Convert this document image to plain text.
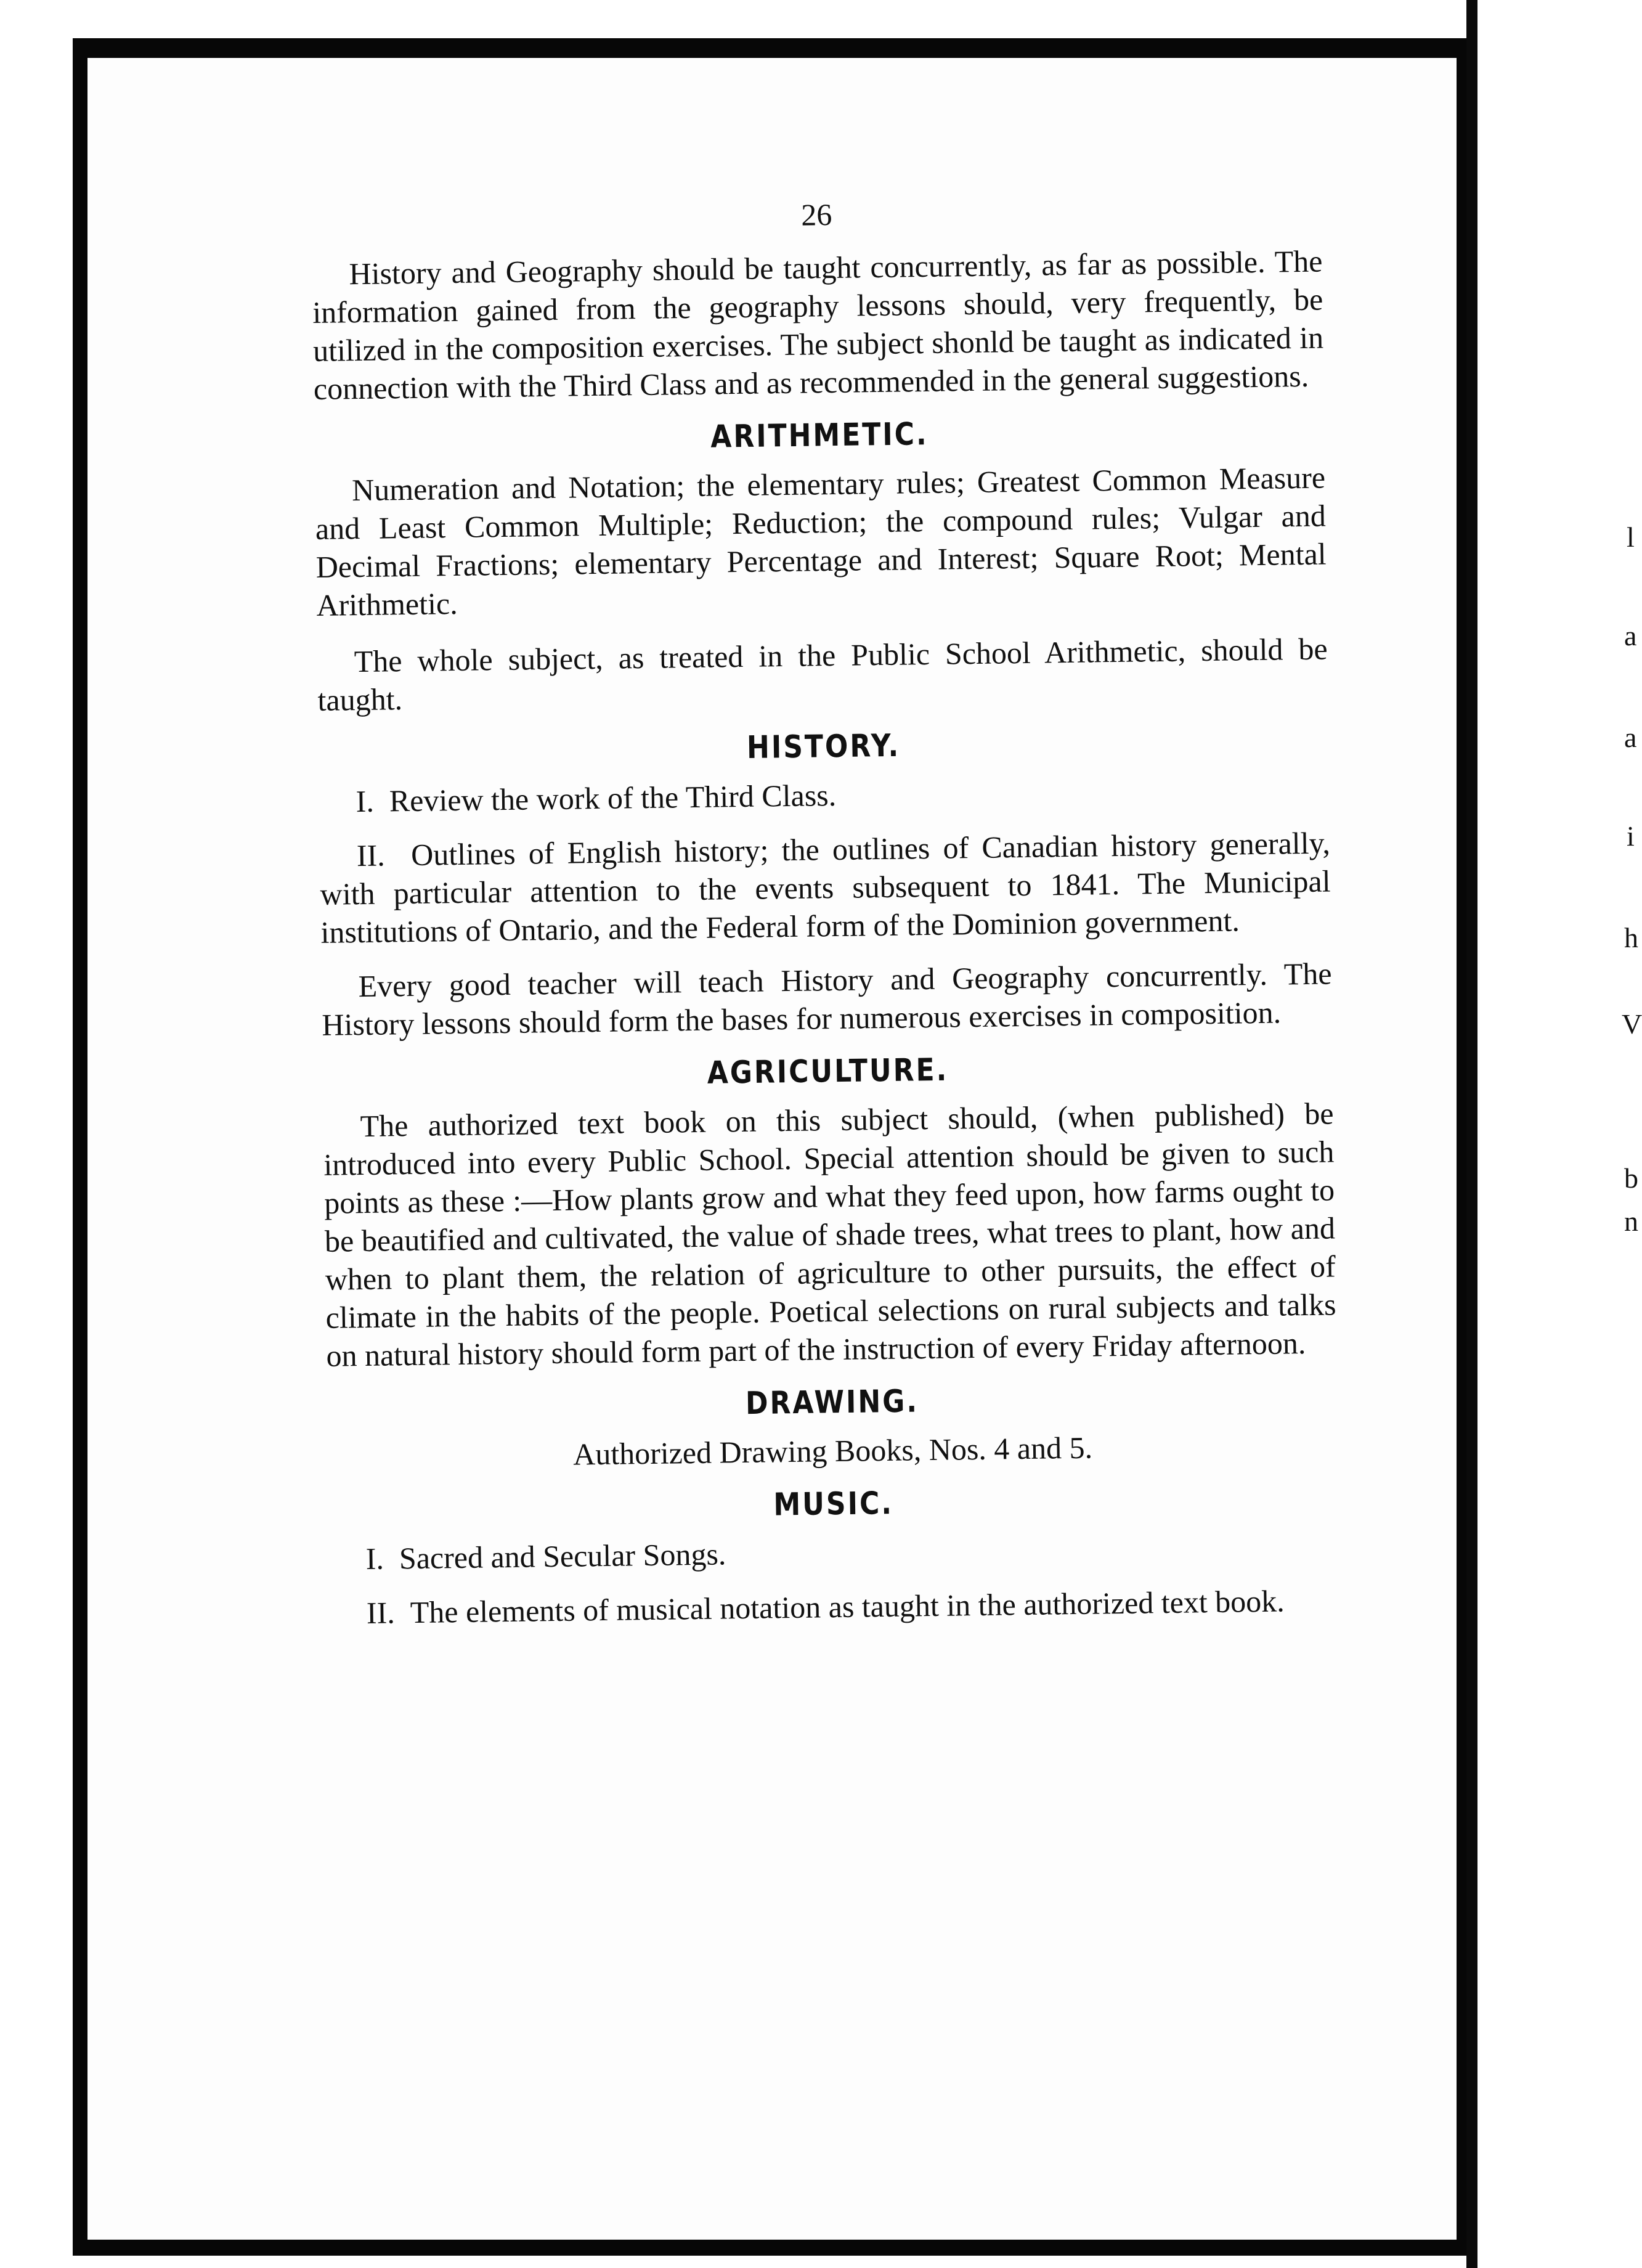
l
a
a
i
h
V
b
n
26

History and Geography should be taught concurrently, as far as possible. The information gained from the geography lessons should, very frequently, be utilized in the composition exercises. The subject shonld be taught as indicated in connection with the Third Class and as recommended in the general suggestions.

ARITHMETIC.

Numeration and Notation; the elementary rules; Greatest Common Measure and Least Common Multiple; Reduction; the compound rules; Vulgar and Decimal Fractions; elementary Percentage and Interest; Square Root; Mental Arithmetic.

The whole subject, as treated in the Public School Arithmetic, should be taught.

HISTORY.

I. Review the work of the Third Class.

II. Outlines of English history; the outlines of Canadian history generally, with particular attention to the events subsequent to 1841. The Municipal institutions of Ontario, and the Federal form of the Dominion government.

Every good teacher will teach History and Geography concurrently. The History lessons should form the bases for numerous exercises in composition.

AGRICULTURE.

The authorized text book on this subject should, (when published) be introduced into every Public School. Special attention should be given to such points as these :—How plants grow and what they feed upon, how farms ought to be beautified and cultivated, the value of shade trees, what trees to plant, how and when to plant them, the relation of agriculture to other pursuits, the effect of climate in the habits of the people. Poetical selections on rural subjects and talks on natural history should form part of the instruction of every Friday afternoon.

DRAWING.

Authorized Drawing Books, Nos. 4 and 5.

MUSIC.

I. Sacred and Secular Songs.

II. The elements of musical notation as taught in the authorized text book.
